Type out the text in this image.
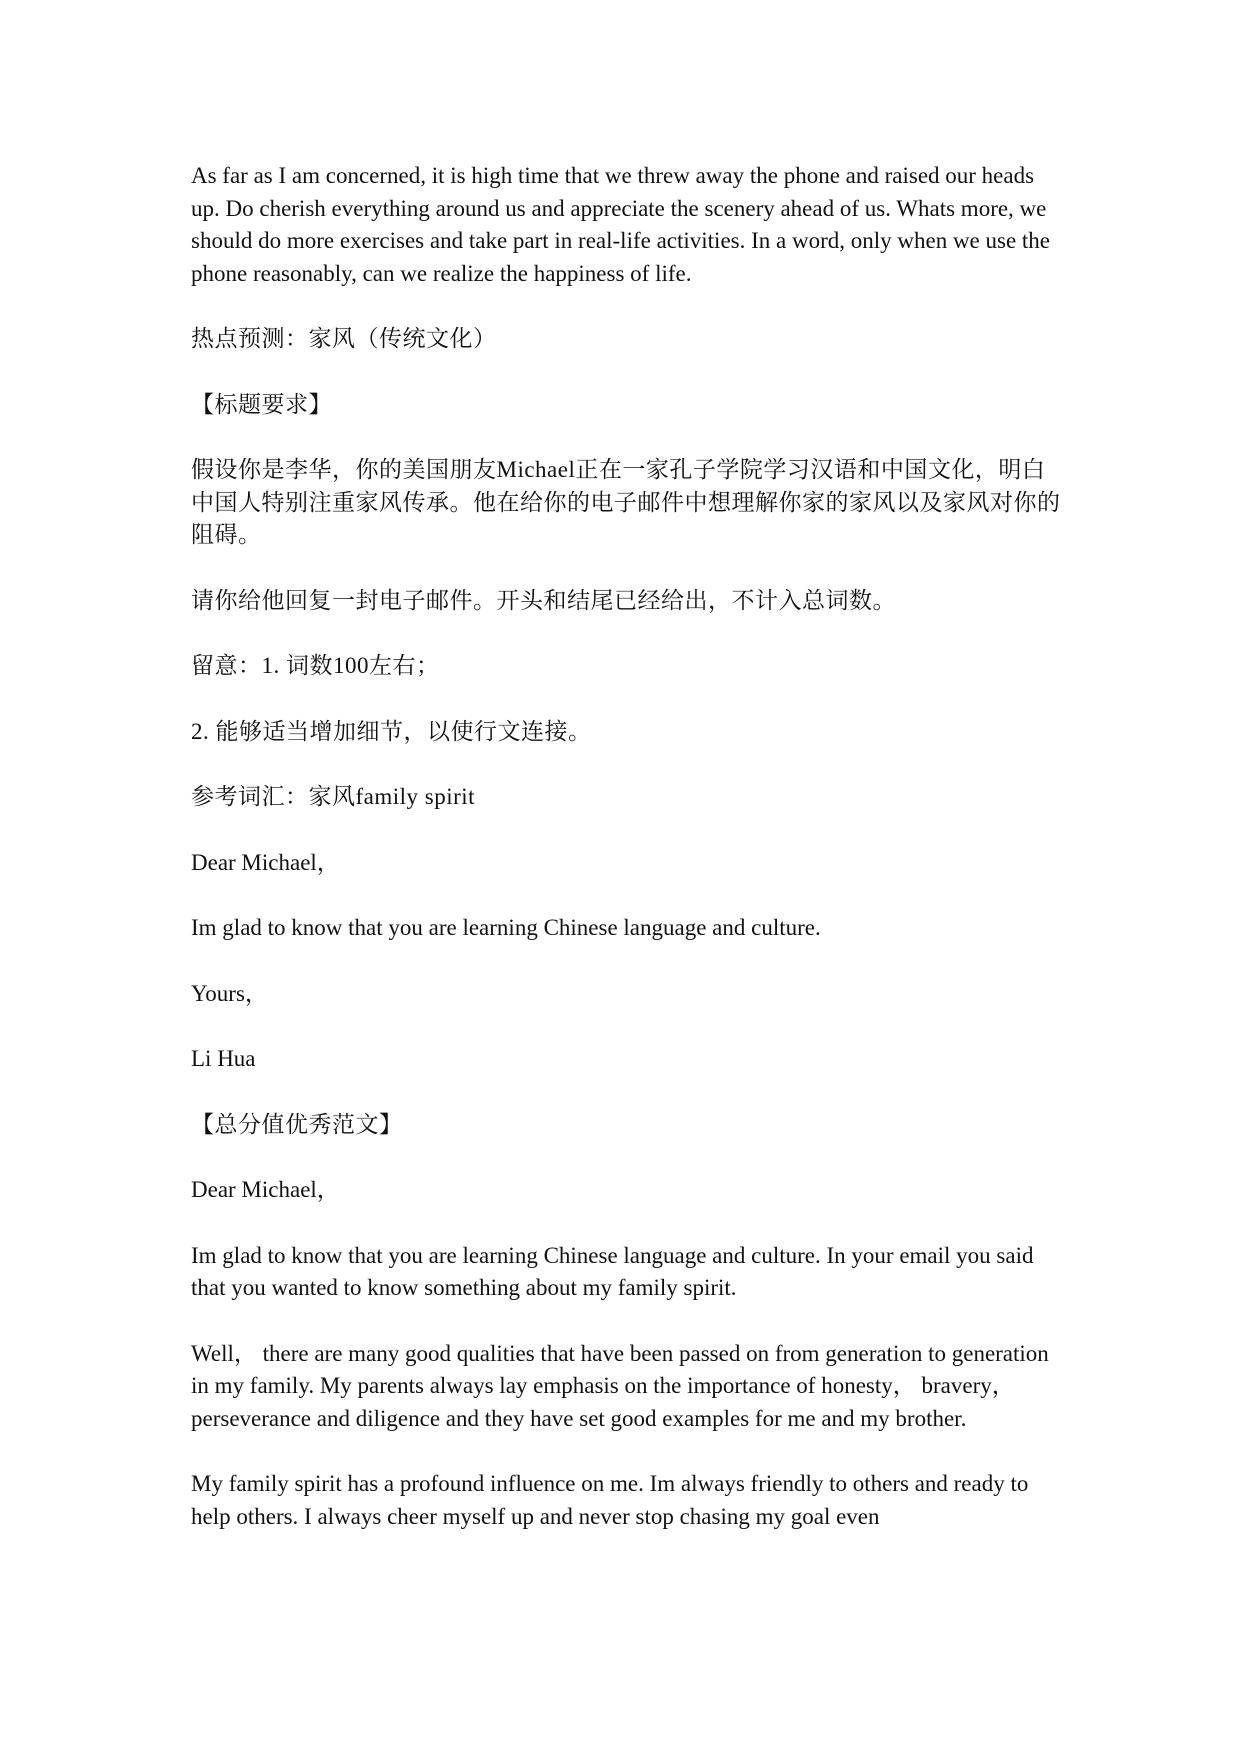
As far as I am concerned, it is high time that we threw away the phone and raised our heads up. Do cherish everything around us and appreciate the scenery ahead of us. Whats more, we should do more exercises and take part in real-life activities. In a word, only when we use the phone reasonably, can we realize the happiness of life.

热点预测：家风（传统文化）

【标题要求】

假设你是李华，你的美国朋友Michael正在一家孔子学院学习汉语和中国文化，明白中国人特别注重家风传承。他在给你的电子邮件中想理解你家的家风以及家风对你的阻碍。

请你给他回复一封电子邮件。开头和结尾已经给出，不计入总词数。

留意：1. 词数100左右；

2. 能够适当增加细节，以使行文连接。

参考词汇：家风family spirit

Dear Michael，

Im glad to know that you are learning Chinese language and culture.

Yours，

Li Hua

【总分值优秀范文】

Dear Michael，

Im glad to know that you are learning Chinese language and culture. In your email you said that you wanted to know something about my family spirit.

Well， there are many good qualities that have been passed on from generation to generation in my family. My parents always lay emphasis on the importance of honesty， bravery， perseverance and diligence and they have set good examples for me and my brother.

My family spirit has a profound influence on me. Im always friendly to others and ready to help others. I always cheer myself up and never stop chasing my goal even
